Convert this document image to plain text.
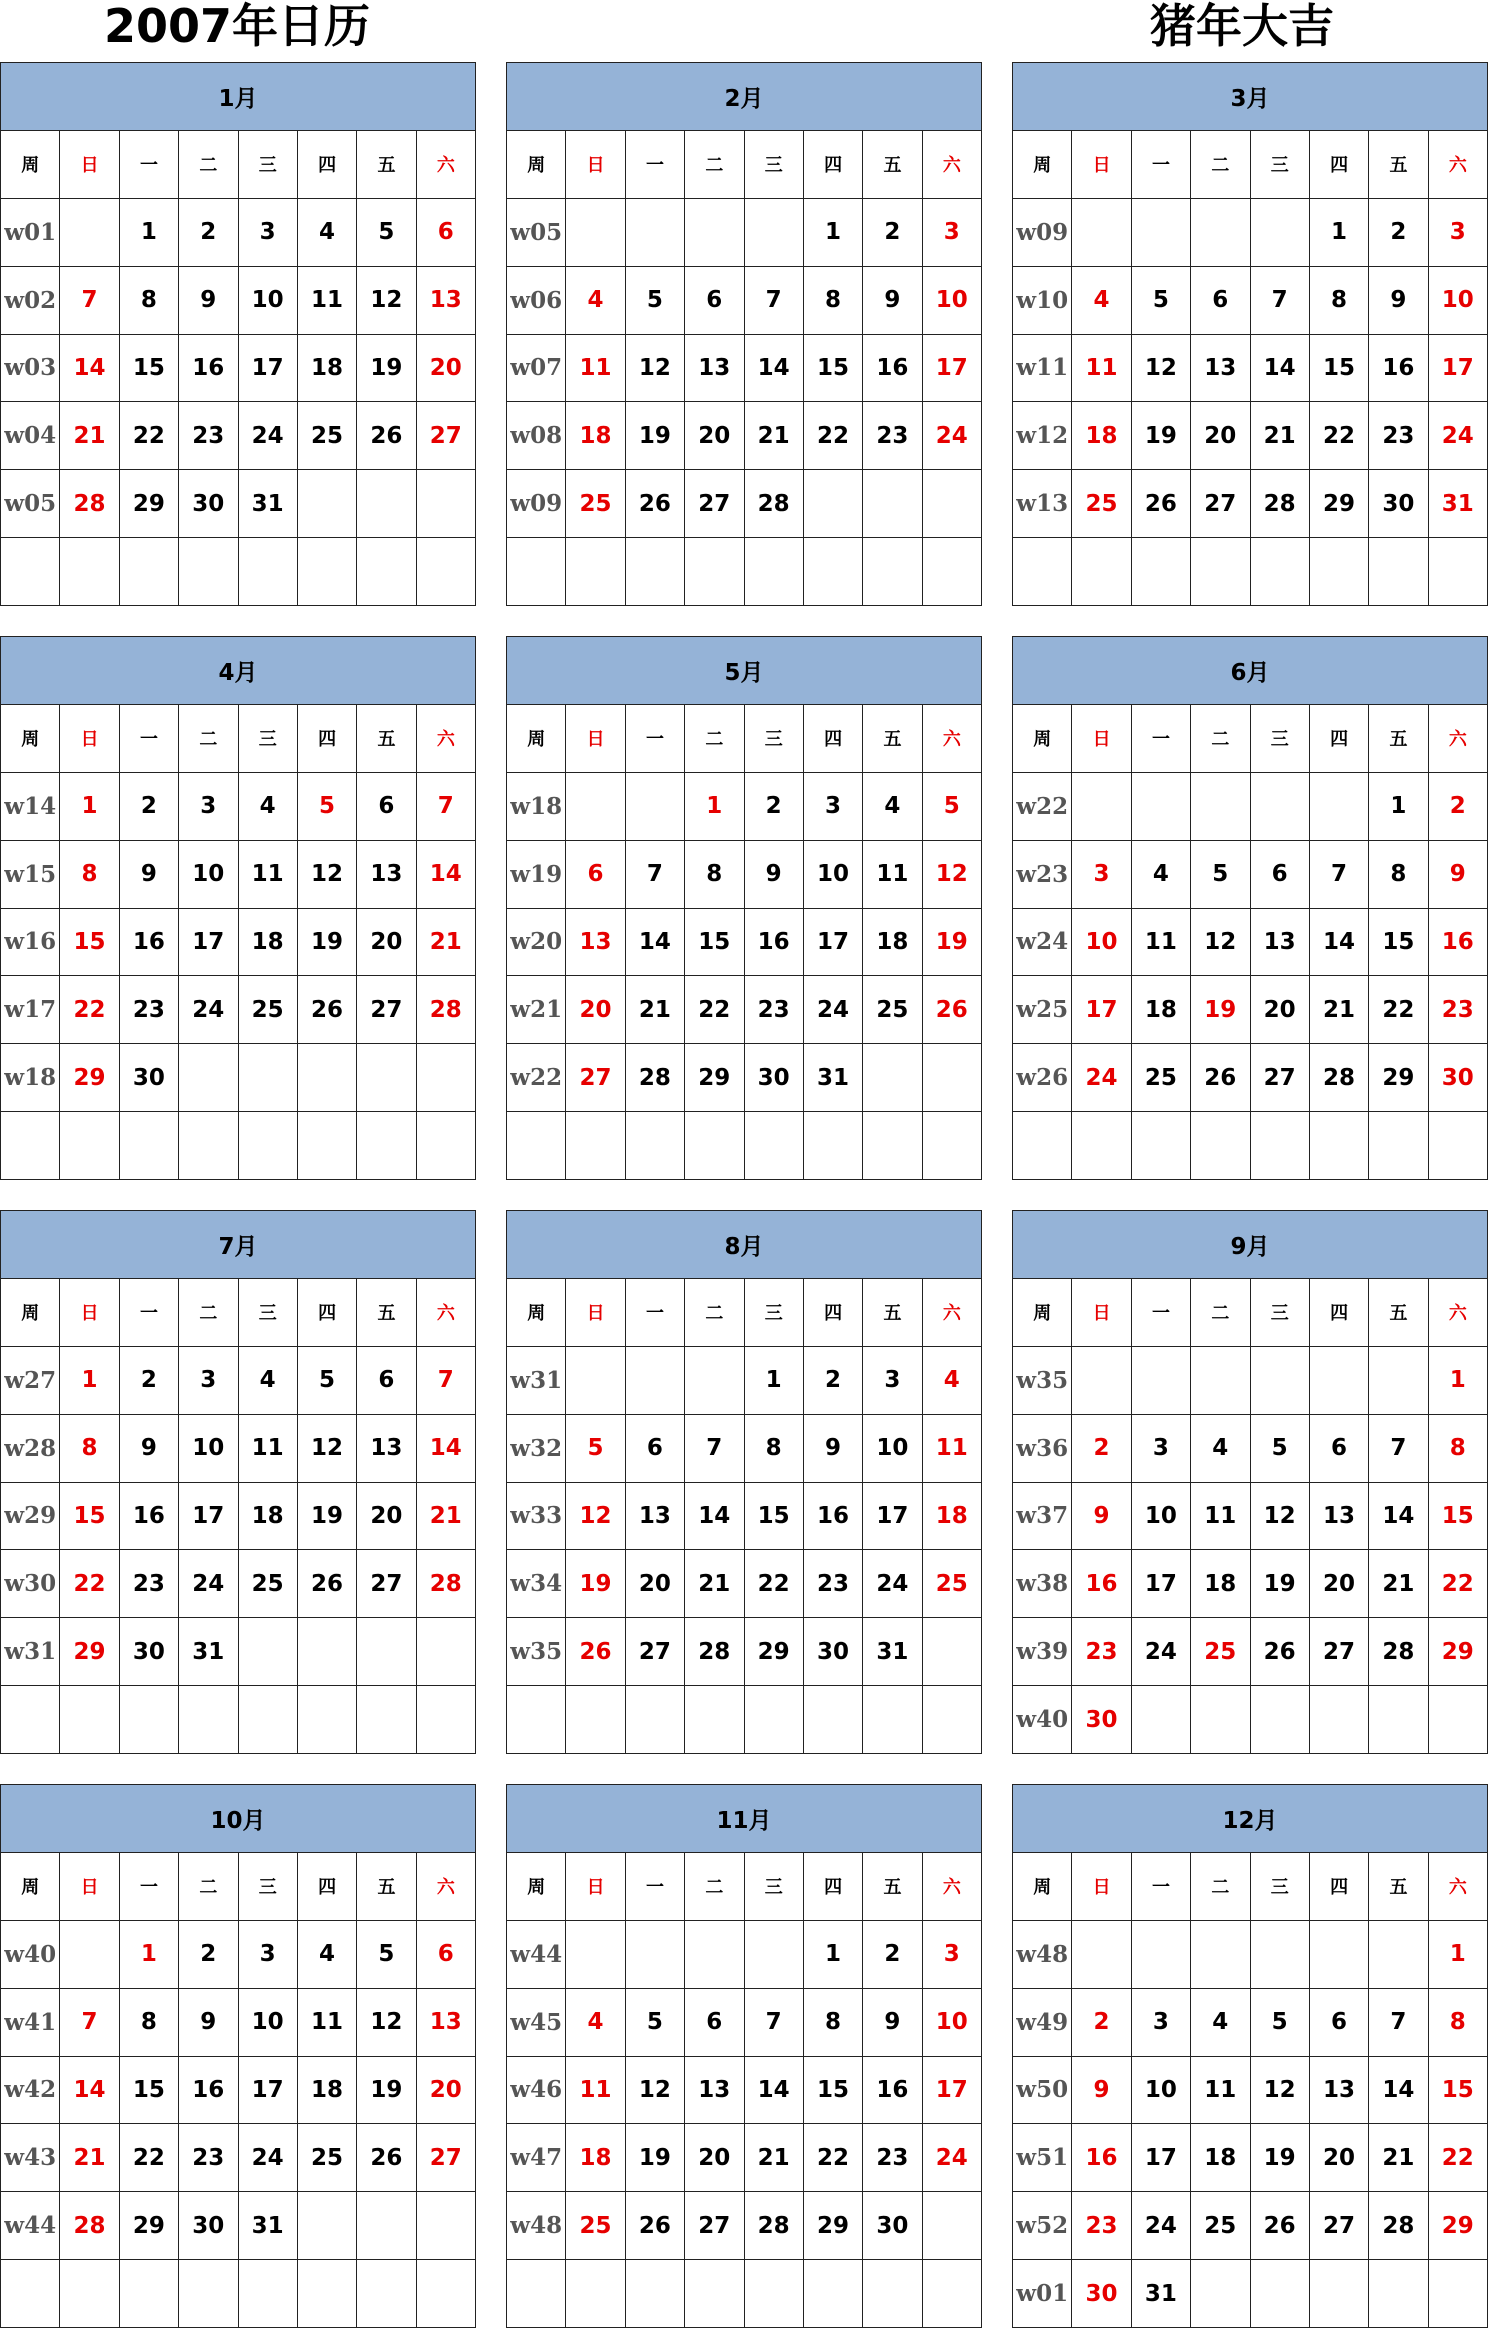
2007年日历	猪年大吉
1月							
周	日	一	二	三	四	五	六
w01		1	2	3	4	5	6
w02	7	8	9	10	11	12	13
w03	14	15	16	17	18	19	20
w04	21	22	23	24	25	26	27
w05	28	29	30	31			

2月							
周	日	一	二	三	四	五	六
w05					1	2	3
w06	4	5	6	7	8	9	10
w07	11	12	13	14	15	16	17
w08	18	19	20	21	22	23	24
w09	25	26	27	28			

3月							
周	日	一	二	三	四	五	六
w09					1	2	3
w10	4	5	6	7	8	9	10
w11	11	12	13	14	15	16	17
w12	18	19	20	21	22	23	24
w13	25	26	27	28	29	30	31

4月							
周	日	一	二	三	四	五	六
w14	1	2	3	4	5	6	7
w15	8	9	10	11	12	13	14
w16	15	16	17	18	19	20	21
w17	22	23	24	25	26	27	28
w18	29	30					

5月							
周	日	一	二	三	四	五	六
w18			1	2	3	4	5
w19	6	7	8	9	10	11	12
w20	13	14	15	16	17	18	19
w21	20	21	22	23	24	25	26
w22	27	28	29	30	31		

6月							
周	日	一	二	三	四	五	六
w22						1	2
w23	3	4	5	6	7	8	9
w24	10	11	12	13	14	15	16
w25	17	18	19	20	21	22	23
w26	24	25	26	27	28	29	30

7月							
周	日	一	二	三	四	五	六
w27	1	2	3	4	5	6	7
w28	8	9	10	11	12	13	14
w29	15	16	17	18	19	20	21
w30	22	23	24	25	26	27	28
w31	29	30	31				

8月							
周	日	一	二	三	四	五	六
w31				1	2	3	4
w32	5	6	7	8	9	10	11
w33	12	13	14	15	16	17	18
w34	19	20	21	22	23	24	25
w35	26	27	28	29	30	31	

9月							
周	日	一	二	三	四	五	六
w35							1
w36	2	3	4	5	6	7	8
w37	9	10	11	12	13	14	15
w38	16	17	18	19	20	21	22
w39	23	24	25	26	27	28	29
w40	30						
10月							
周	日	一	二	三	四	五	六
w40		1	2	3	4	5	6
w41	7	8	9	10	11	12	13
w42	14	15	16	17	18	19	20
w43	21	22	23	24	25	26	27
w44	28	29	30	31			

11月							
周	日	一	二	三	四	五	六
w44					1	2	3
w45	4	5	6	7	8	9	10
w46	11	12	13	14	15	16	17
w47	18	19	20	21	22	23	24
w48	25	26	27	28	29	30	

12月							
周	日	一	二	三	四	五	六
w48							1
w49	2	3	4	5	6	7	8
w50	9	10	11	12	13	14	15
w51	16	17	18	19	20	21	22
w52	23	24	25	26	27	28	29
w01	30	31					
